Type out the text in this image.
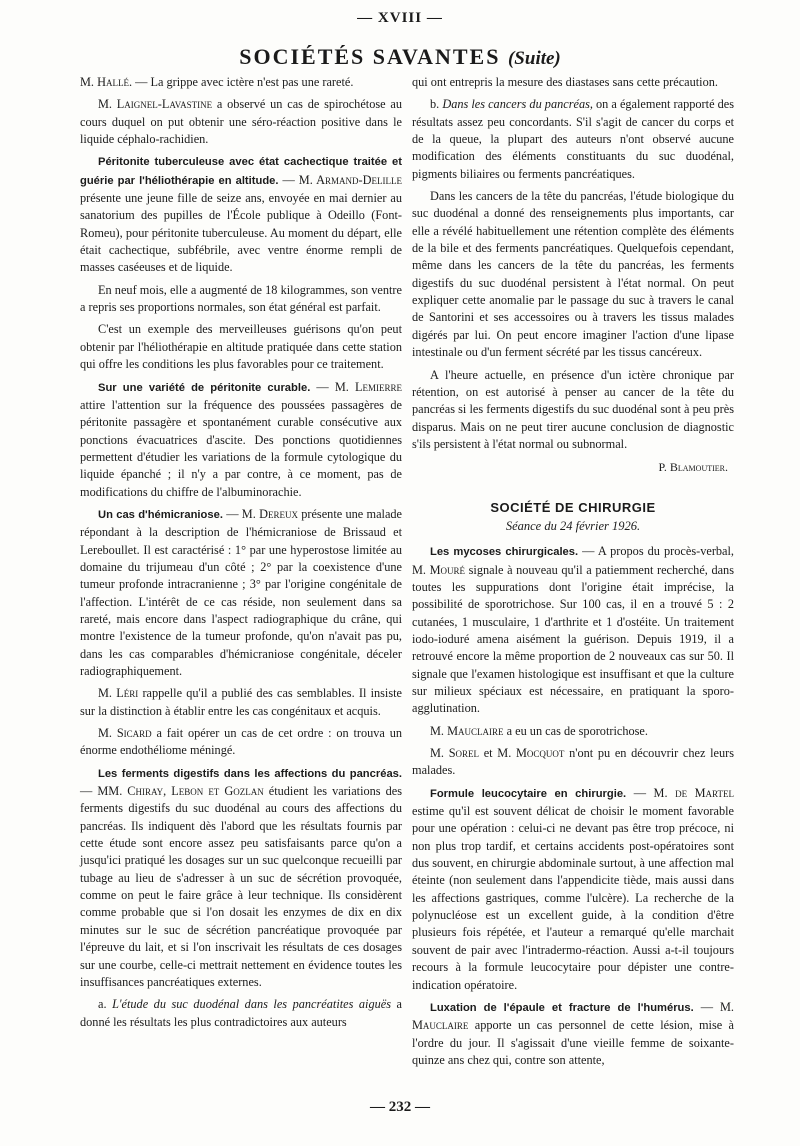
— XVIII —
SOCIÉTÉS SAVANTES (Suite)

M. Hallé. — La grippe avec ictère n'est pas une rareté.

M. Laignel-Lavastine a observé un cas de spirochétose au cours duquel on put obtenir une séro-réaction positive dans le liquide céphalo-rachidien.

Péritonite tuberculeuse avec état cachectique traitée et guérie par l'héliothérapie en altitude. — M. Armand-Delille présente une jeune fille de seize ans, envoyée en mai dernier au sanatorium des pupilles de l'École publique à Odeillo (Font-Romeu), pour péritonite tuberculeuse. Au moment du départ, elle était cachectique, subfébrile, avec ventre énorme rempli de masses caséeuses et de liquide.

En neuf mois, elle a augmenté de 18 kilogrammes, son ventre a repris ses proportions normales, son état général est parfait.

C'est un exemple des merveilleuses guérisons qu'on peut obtenir par l'héliothérapie en altitude pratiquée dans cette station qui offre les conditions les plus favorables pour ce traitement.

Sur une variété de péritonite curable. — M. Lemierre attire l'attention sur la fréquence des poussées passagères de péritonite passagère et spontanément curable consécutive aux ponctions évacuatrices d'ascite. Des ponctions quotidiennes permettent d'étudier les variations de la formule cytologique du liquide épanché ; il n'y a par contre, à ce moment, pas de modifications du chiffre de l'albuminorachie.

Un cas d'hémicraniose. — M. Dereux présente une malade répondant à la description de l'hémicraniose de Brissaud et Lereboullet. Il est caractérisé : 1° par une hyperostose limitée au domaine du trijumeau d'un côté ; 2° par la coexistence d'une tumeur profonde intracranienne ; 3° par l'origine congénitale de l'affection. L'intérêt de ce cas réside, non seulement dans sa rareté, mais encore dans l'aspect radiographique du crâne, qui montre l'existence de la tumeur profonde, qu'on n'avait pas pu, dans les cas comparables d'hémicraniose congénitale, déceler radiographiquement.

M. Léri rappelle qu'il a publié des cas semblables. Il insiste sur la distinction à établir entre les cas congénitaux et acquis.

M. Sicard a fait opérer un cas de cet ordre : on trouva un énorme endothéliome méningé.

Les ferments digestifs dans les affections du pancréas. — MM. Chiray, Lebon et Gozlan étudient les variations des ferments digestifs du suc duodénal au cours des affections du pancréas. Ils indiquent dès l'abord que les résultats fournis par cette étude sont encore assez peu satisfaisants parce qu'on a jusqu'ici pratiqué les dosages sur un suc quelconque recueilli par tubage au lieu de s'adresser à un suc de sécrétion provoquée, comme on peut le faire grâce à leur technique. Ils considèrent comme probable que si l'on dosait les enzymes de dix en dix minutes sur le suc de sécrétion pancréatique provoquée par l'épreuve du lait, et si l'on inscrivait les résultats de ces dosages sur une courbe, celle-ci mettrait nettement en évidence toutes les insuffisances pancréatiques externes.

a. L'étude du suc duodénal dans les pancréatites aiguës a donné les résultats les plus contradictoires aux auteurs

qui ont entrepris la mesure des diastases sans cette précaution.

b. Dans les cancers du pancréas, on a également rapporté des résultats assez peu concordants. S'il s'agit de cancer du corps et de la queue, la plupart des auteurs n'ont observé aucune modification des éléments constituants du suc duodénal, pigments biliaires ou ferments pancréatiques.

Dans les cancers de la tête du pancréas, l'étude biologique du suc duodénal a donné des renseignements plus importants, car elle a révélé habituellement une rétention complète des éléments de la bile et des ferments pancréatiques. Quelquefois cependant, même dans les cancers de la tête du pancréas, les ferments digestifs du suc duodénal persistent à l'état normal. On peut expliquer cette anomalie par le passage du suc à travers le canal de Santorini et ses accessoires ou à travers les tissus malades digérés par lui. On peut encore imaginer l'action d'une lipase intestinale ou d'un ferment sécrété par les tissus cancéreux.

A l'heure actuelle, en présence d'un ictère chronique par rétention, on est autorisé à penser au cancer de la tête du pancréas si les ferments digestifs du suc duodénal sont à peu près disparus. Mais on ne peut tirer aucune conclusion de diagnostic s'ils persistent à l'état normal ou subnormal.

P. Blamoutier.
SOCIÉTÉ DE CHIRURGIE
Séance du 24 février 1926.

Les mycoses chirurgicales. — A propos du procès-verbal, M. Mouré signale à nouveau qu'il a patiemment recherché, dans toutes les suppurations dont l'origine était imprécise, la possibilité de sporotrichose. Sur 100 cas, il en a trouvé 5 : 2 cutanées, 1 musculaire, 1 d'arthrite et 1 d'ostéite. Un traitement iodo-ioduré amena aisément la guérison. Depuis 1919, il a retrouvé encore la même proportion de 2 nouveaux cas sur 50. Il signale que l'examen histologique est insuffisant et que la culture sur milieux spéciaux est nécessaire, en pratiquant la sporo-agglutination.

M. Mauclaire a eu un cas de sporotrichose.

M. Sorel et M. Mocquot n'ont pu en découvrir chez leurs malades.

Formule leucocytaire en chirurgie. — M. de Martel estime qu'il est souvent délicat de choisir le moment favorable pour une opération : celui-ci ne devant pas être trop précoce, ni non plus trop tardif, et certains accidents post-opératoires sont dus souvent, en chirurgie abdominale surtout, à une affection mal éteinte (non seulement dans l'appendicite tiède, mais aussi dans les affections gastriques, comme l'ulcère). La recherche de la polynucléose est un excellent guide, à la condition d'être plusieurs fois répétée, et l'auteur a remarqué qu'elle marchait souvent de pair avec l'intradermo-réaction. Aussi a-t-il toujours recours à la formule leucocytaire pour dépister une contre-indication opératoire.

Luxation de l'épaule et fracture de l'humérus. — M. Mauclaire apporte un cas personnel de cette lésion, mise à l'ordre du jour. Il s'agissait d'une vieille femme de soixante-quinze ans chez qui, contre son attente,

— 232 —
